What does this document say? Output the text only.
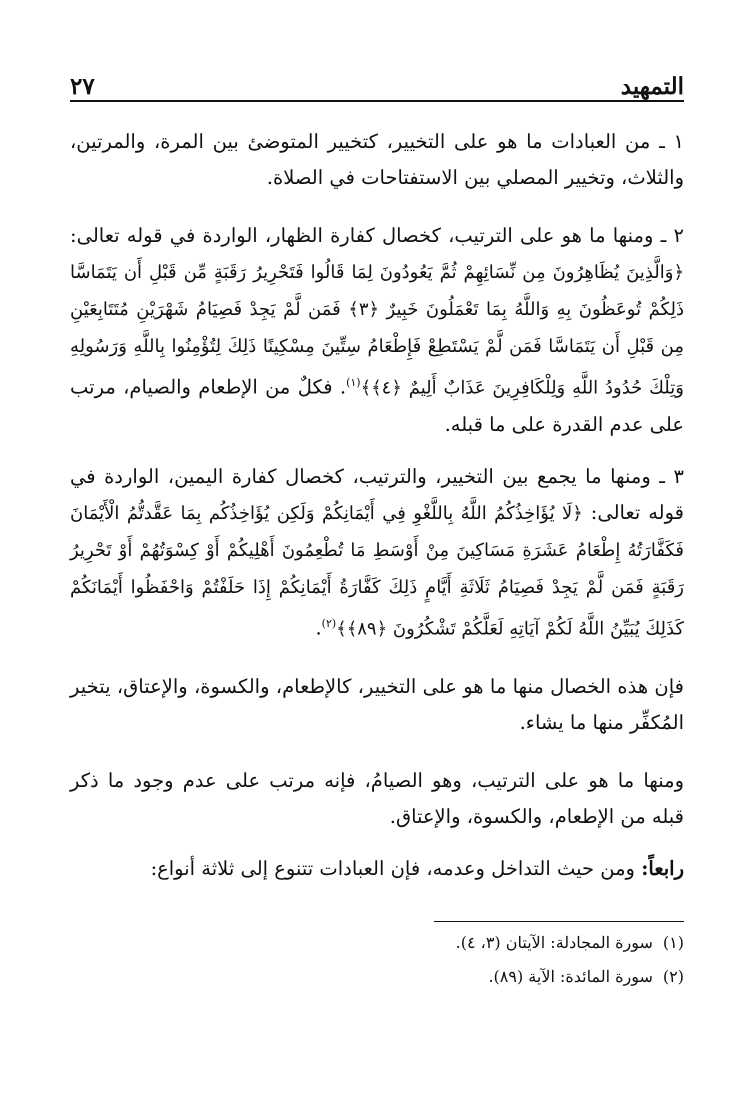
التمهيد
٢٧

١ ـ من العبادات ما هو على التخيير، كتخيير المتوضئ بين المرة، والمرتين، والثلاث، وتخيير المصلي بين الاستفتاحات في الصلاة.

٢ ـ ومنها ما هو على الترتيب، كخصال كفارة الظهار، الواردة في قوله تعالى: ﴿وَالَّذِينَ يُظَاهِرُونَ مِن نِّسَائِهِمْ ثُمَّ يَعُودُونَ لِمَا قَالُوا فَتَحْرِيرُ رَقَبَةٍ مِّن قَبْلِ أَن يَتَمَاسَّا ذَلِكُمْ تُوعَظُونَ بِهِ وَاللَّهُ بِمَا تَعْمَلُونَ خَبِيرٌ ﴿٣﴾ فَمَن لَّمْ يَجِدْ فَصِيَامُ شَهْرَيْنِ مُتَتَابِعَيْنِ مِن قَبْلِ أَن يَتَمَاسَّا فَمَن لَّمْ يَسْتَطِعْ فَإِطْعَامُ سِتِّينَ مِسْكِينًا ذَلِكَ لِتُؤْمِنُوا بِاللَّهِ وَرَسُولِهِ وَتِلْكَ حُدُودُ اللَّهِ وَلِلْكَافِرِينَ عَذَابٌ أَلِيمٌ ﴿٤﴾﴾$^{(١)}$. فكلٌ من الإطعام والصيام، مرتب على عدم القدرة على ما قبله.

٣ ـ ومنها ما يجمع بين التخيير، والترتيب، كخصال كفارة اليمين، الواردة في قوله تعالى: ﴿لَا يُؤَاخِذُكُمُ اللَّهُ بِاللَّغْوِ فِي أَيْمَانِكُمْ وَلَكِن يُؤَاخِذُكُم بِمَا عَقَّدتُّمُ الْأَيْمَانَ فَكَفَّارَتُهُ إِطْعَامُ عَشَرَةِ مَسَاكِينَ مِنْ أَوْسَطِ مَا تُطْعِمُونَ أَهْلِيكُمْ أَوْ كِسْوَتُهُمْ أَوْ تَحْرِيرُ رَقَبَةٍ فَمَن لَّمْ يَجِدْ فَصِيَامُ ثَلَاثَةِ أَيَّامٍ ذَلِكَ كَفَّارَةُ أَيْمَانِكُمْ إِذَا حَلَفْتُمْ وَاحْفَظُوا أَيْمَانَكُمْ كَذَلِكَ يُبَيِّنُ اللَّهُ لَكُمْ آيَاتِهِ لَعَلَّكُمْ تَشْكُرُونَ ﴿٨٩﴾﴾$^{(٢)}$.

فإن هذه الخصال منها ما هو على التخيير، كالإطعام، والكسوة، والإعتاق، يتخير المُكفِّر منها ما يشاء.

ومنها ما هو على الترتيب، وهو الصيامُ، فإنه مرتب على عدم وجود ما ذكر قبله من الإطعام، والكسوة، والإعتاق.

رابعاً: ومن حيث التداخل وعدمه، فإن العبادات تتنوع إلى ثلاثة أنواع:

(١)سورة المجادلة: الآيتان (٣، ٤).
(٢)سورة المائدة: الآية (٨٩).
